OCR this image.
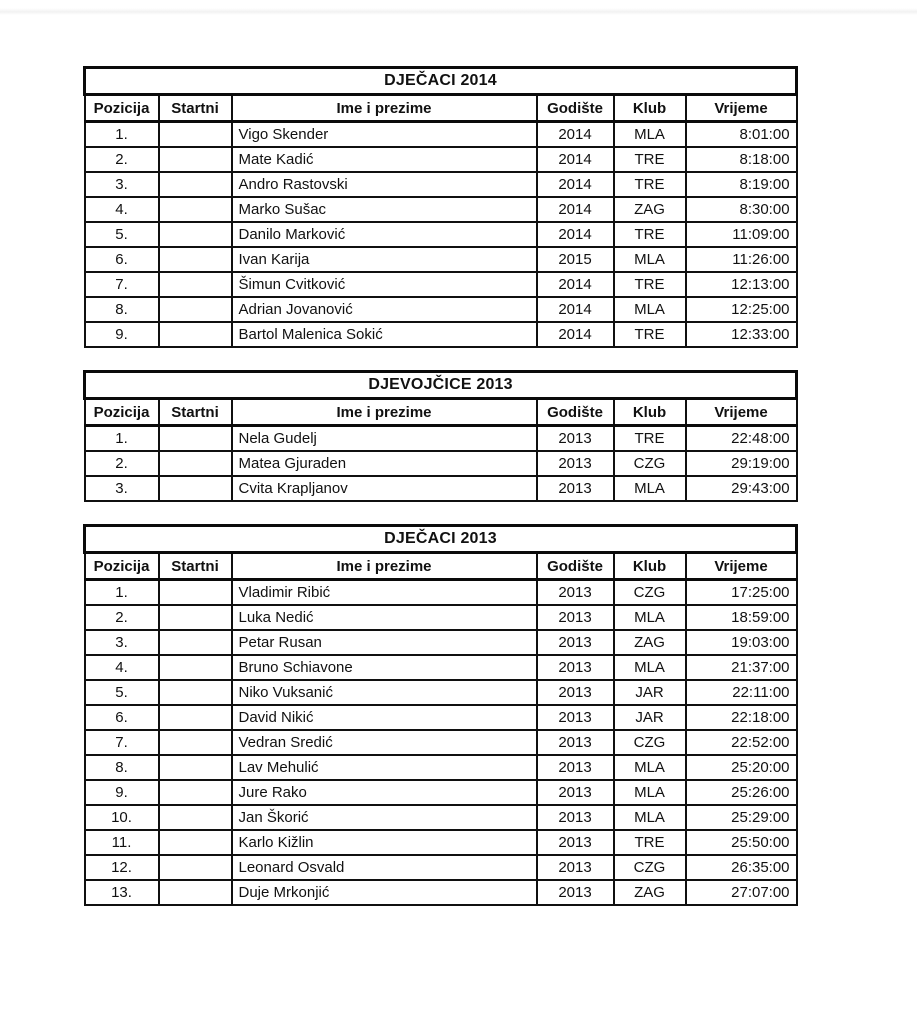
DJEČACI 2014					
Pozicija	Startni	Ime i prezime	Godište	Klub	Vrijeme
1.		Vigo Skender	2014	MLA	8:01:00
2.		Mate Kadić	2014	TRE	8:18:00
3.		Andro Rastovski	2014	TRE	8:19:00
4.		Marko Sušac	2014	ZAG	8:30:00
5.		Danilo Marković	2014	TRE	11:09:00
6.		Ivan Karija	2015	MLA	11:26:00
7.		Šimun Cvitković	2014	TRE	12:13:00
8.		Adrian Jovanović	2014	MLA	12:25:00
9.		Bartol Malenica Sokić	2014	TRE	12:33:00
DJEVOJČICE 2013					
Pozicija	Startni	Ime i prezime	Godište	Klub	Vrijeme
1.		Nela Gudelj	2013	TRE	22:48:00
2.		Matea Gjuraden	2013	CZG	29:19:00
3.		Cvita Krapljanov	2013	MLA	29:43:00
DJEČACI 2013					
Pozicija	Startni	Ime i prezime	Godište	Klub	Vrijeme
1.		Vladimir Ribić	2013	CZG	17:25:00
2.		Luka Nedić	2013	MLA	18:59:00
3.		Petar Rusan	2013	ZAG	19:03:00
4.		Bruno Schiavone	2013	MLA	21:37:00
5.		Niko Vuksanić	2013	JAR	22:11:00
6.		David Nikić	2013	JAR	22:18:00
7.		Vedran Sredić	2013	CZG	22:52:00
8.		Lav Mehulić	2013	MLA	25:20:00
9.		Jure Rako	2013	MLA	25:26:00
10.		Jan Škorić	2013	MLA	25:29:00
11.		Karlo Kižlin	2013	TRE	25:50:00
12.		Leonard Osvald	2013	CZG	26:35:00
13.		Duje Mrkonjić	2013	ZAG	27:07:00
